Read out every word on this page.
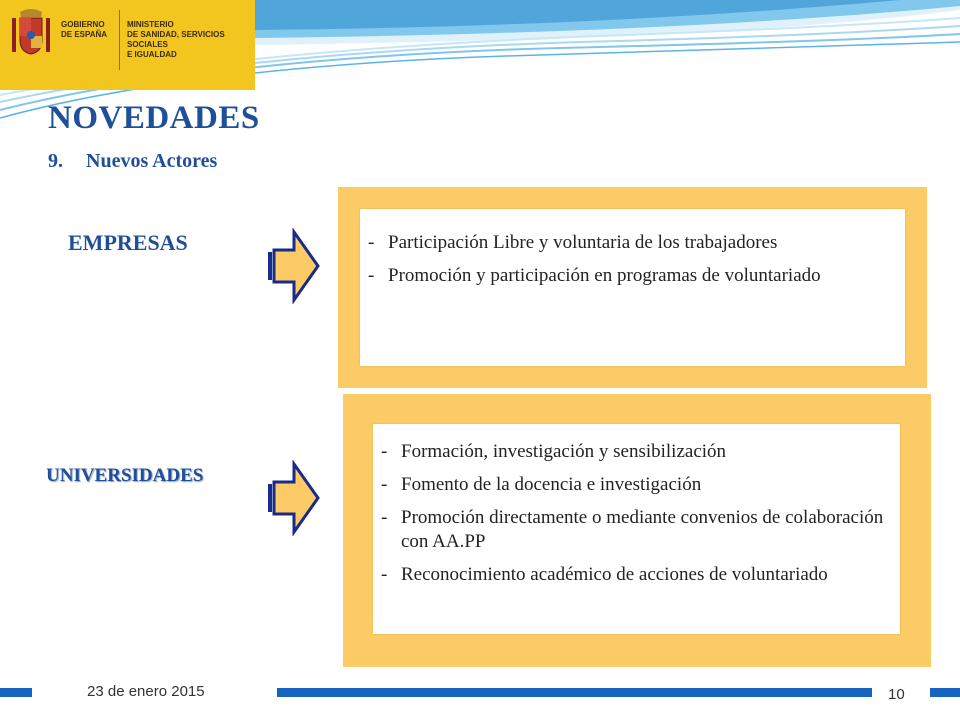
GOBIERNO
DE ESPAÑA
MINISTERIO
DE SANIDAD, SERVICIOS SOCIALES
E IGUALDAD
NOVEDADES
9. Nuevos Actores
EMPRESAS	- Participación Libre y voluntaria de los trabajadores
- Promoción y participación en programas de voluntariado
UNIVERSIDADES
- Formación, investigación y sensibilización
- Fomento de la docencia e investigación
- Promoción directamente o mediante convenios de colaboración con AA.PP
- Reconocimiento académico de acciones de voluntariado
23 de enero 2015	10
